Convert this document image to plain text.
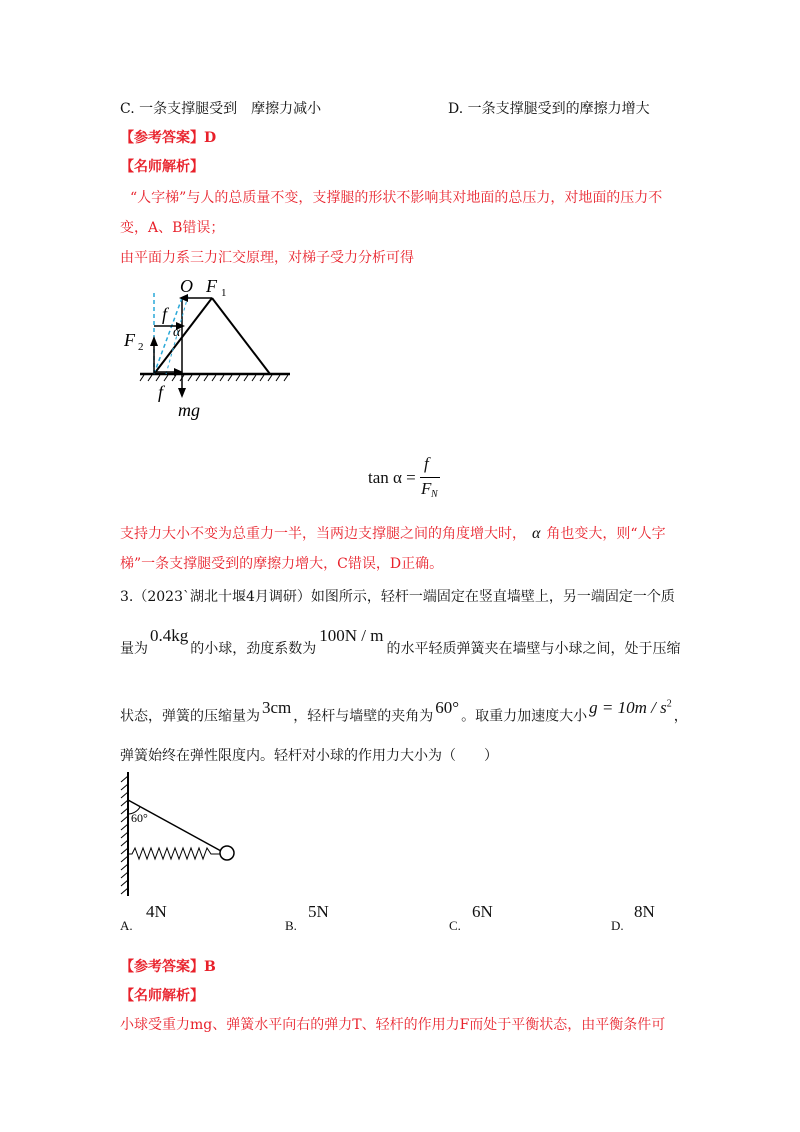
C. 一条支撑腿受到　摩擦力减小	D. 一条支撑腿受到的摩擦力增大
【参考答案】D
【名师解析】
“人字梯”与人的总质量不变，支撑腿的形状不影响其对地面的总压力，对地面的压力不
变，A、B错误；
由平面力系三力汇交原理，对梯子受力分析可得
O F 1
f
α
F 2
f
mg
tan α =
f
F N
支持力大小不变为总重力一半，当两边支撑腿之间的角度增大时， α 角也变大，则“人字
梯”一条支撑腿受到的摩擦力增大，C错误，D正确。
3.（2023`湖北十堰4月调研）如图所示，轻杆一端固定在竖直墙壁上，另一端固定一个质
量为0.4kg的小球，劲度系数为100N / m的水平轻质弹簧夹在墙壁与小球之间，处于压缩
状态，弹簧的压缩量为 3cm ，轻杆与墙壁的夹角为 60° 。取重力加速度大小 $g = 10m / s^2$，
弹簧始终在弹性限度内。轻杆对小球的作用力大小为（　　）
60°
A.
4N
B.
5N
C.
6N
D.
8N
【参考答案】B
【名师解析】
小球受重力mg、弹簧水平向右的弹力T、轻杆的作用力F而处于平衡状态，由平衡条件可
